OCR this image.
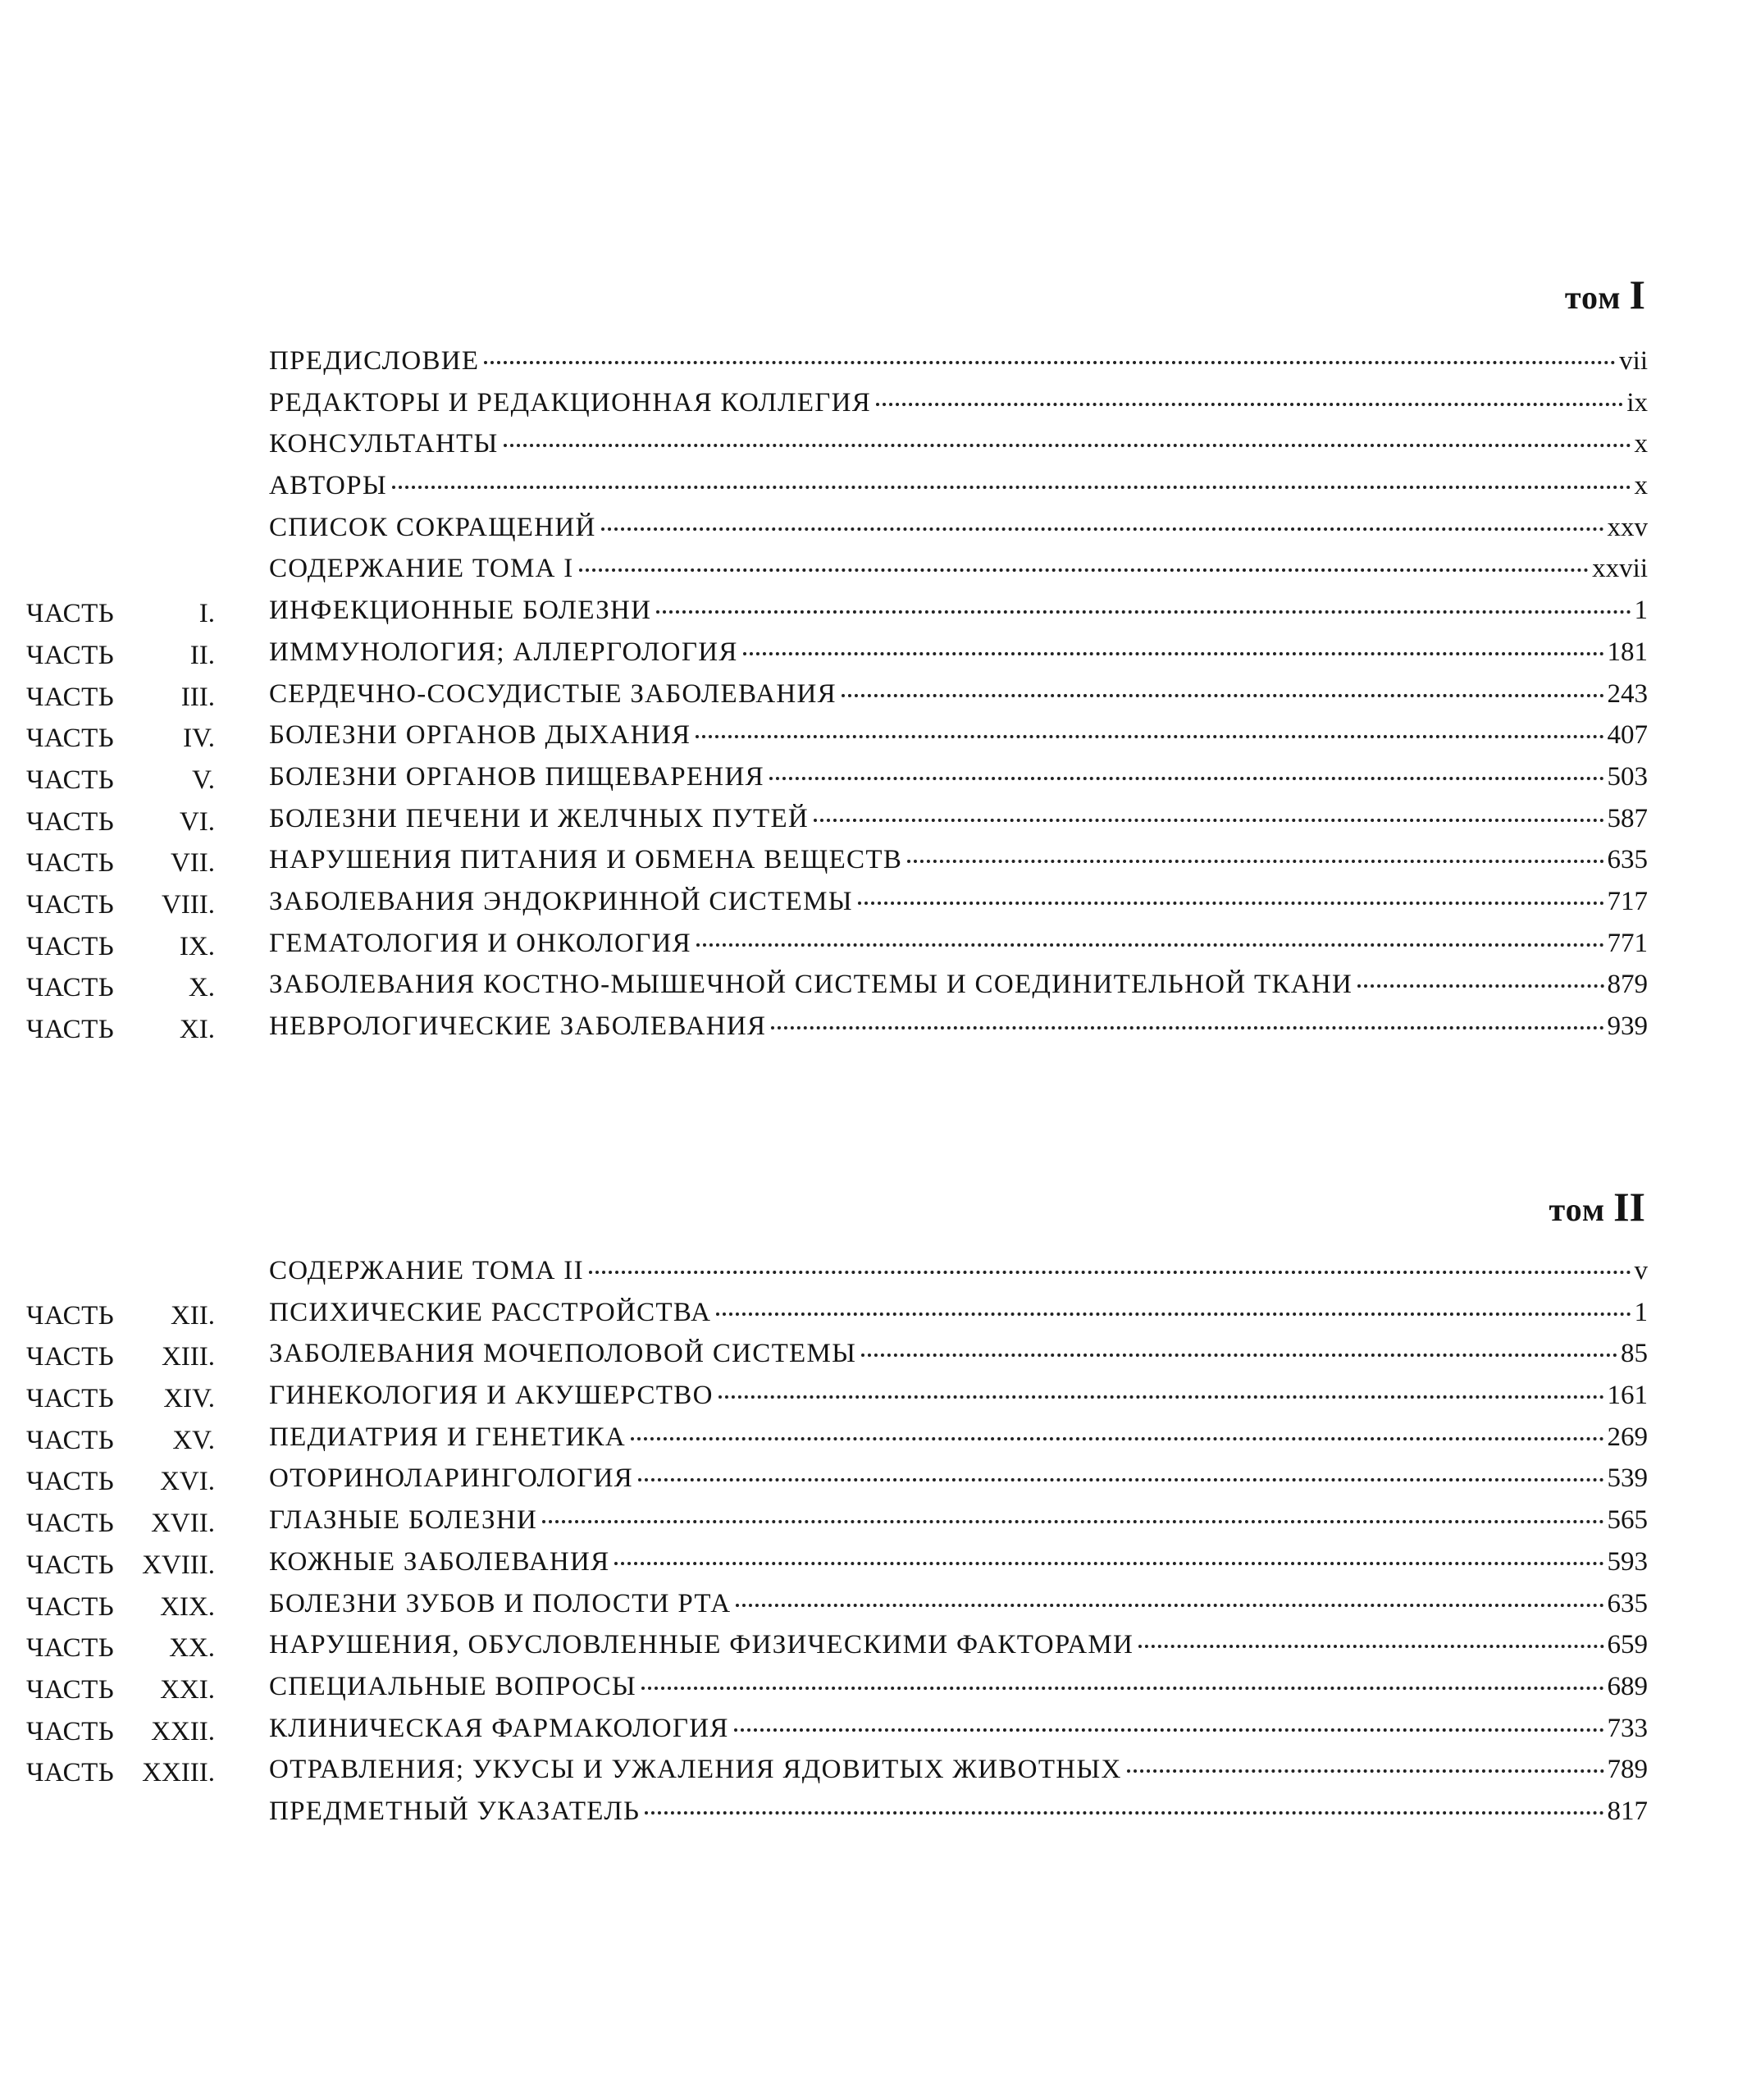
том I
ПРЕДИСЛОВИЕ	vii
РЕДАКТОРЫ И РЕДАКЦИОННАЯ КОЛЛЕГИЯ	ix
КОНСУЛЬТАНТЫ	x
АВТОРЫ	x
СПИСОК СОКРАЩЕНИЙ	xxv
СОДЕРЖАНИЕ ТОМА I	xxvii
ЧАСТЬ	I. ИНФЕКЦИОННЫЕ БОЛЕЗНИ	1
ЧАСТЬ	II. ИММУНОЛОГИЯ; АЛЛЕРГОЛОГИЯ	181
ЧАСТЬ	III. СЕРДЕЧНО-СОСУДИСТЫЕ ЗАБОЛЕВАНИЯ	243
ЧАСТЬ	IV. БОЛЕЗНИ ОРГАНОВ ДЫХАНИЯ	407
ЧАСТЬ	V. БОЛЕЗНИ ОРГАНОВ ПИЩЕВАРЕНИЯ	503
ЧАСТЬ	VI. БОЛЕЗНИ ПЕЧЕНИ И ЖЕЛЧНЫХ ПУТЕЙ	587
ЧАСТЬ	VII. НАРУШЕНИЯ ПИТАНИЯ И ОБМЕНА ВЕЩЕСТВ	635
ЧАСТЬ	VIII. ЗАБОЛЕВАНИЯ ЭНДОКРИННОЙ СИСТЕМЫ	717
ЧАСТЬ	IX. ГЕМАТОЛОГИЯ И ОНКОЛОГИЯ	771
ЧАСТЬ	X. ЗАБОЛЕВАНИЯ КОСТНО-МЫШЕЧНОЙ СИСТЕМЫ И СОЕДИНИТЕЛЬНОЙ ТКАНИ	879
ЧАСТЬ	XI. НЕВРОЛОГИЧЕСКИЕ ЗАБОЛЕВАНИЯ	939
том II
СОДЕРЖАНИЕ ТОМА II	v
ЧАСТЬ	XII. ПСИХИЧЕСКИЕ РАССТРОЙСТВА	1
ЧАСТЬ	XIII. ЗАБОЛЕВАНИЯ МОЧЕПОЛОВОЙ СИСТЕМЫ	85
ЧАСТЬ	XIV. ГИНЕКОЛОГИЯ И АКУШЕРСТВО	161
ЧАСТЬ	XV. ПЕДИАТРИЯ И ГЕНЕТИКА	269
ЧАСТЬ	XVI. ОТОРИНОЛАРИНГОЛОГИЯ	539
ЧАСТЬ	XVII. ГЛАЗНЫЕ БОЛЕЗНИ	565
ЧАСТЬ	XVIII. КОЖНЫЕ ЗАБОЛЕВАНИЯ	593
ЧАСТЬ	XIX. БОЛЕЗНИ ЗУБОВ И ПОЛОСТИ РТА	635
ЧАСТЬ	XX. НАРУШЕНИЯ, ОБУСЛОВЛЕННЫЕ ФИЗИЧЕСКИМИ ФАКТОРАМИ	659
ЧАСТЬ	XXI. СПЕЦИАЛЬНЫЕ ВОПРОСЫ	689
ЧАСТЬ	XXII. КЛИНИЧЕСКАЯ ФАРМАКОЛОГИЯ	733
ЧАСТЬ	XXIII. ОТРАВЛЕНИЯ; УКУСЫ И УЖАЛЕНИЯ ЯДОВИТЫХ ЖИВОТНЫХ	789
ПРЕДМЕТНЫЙ УКАЗАТЕЛЬ	817
